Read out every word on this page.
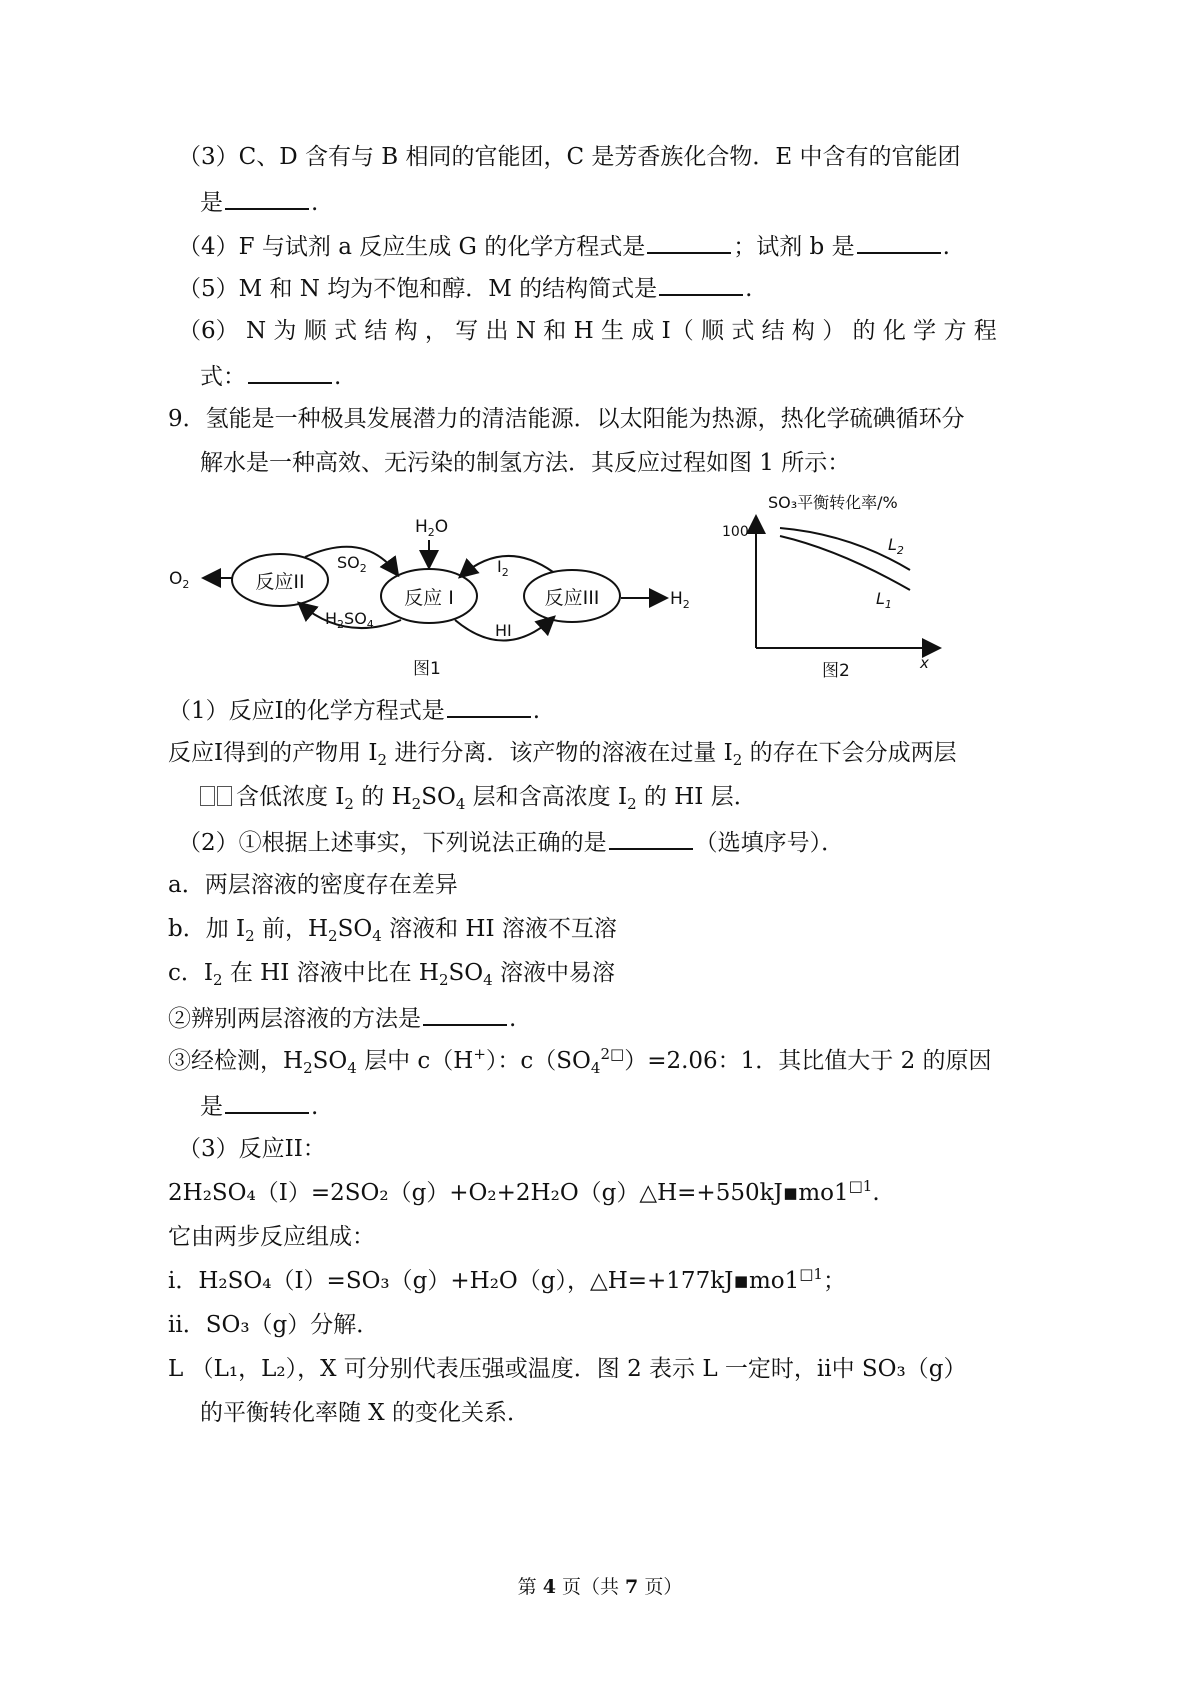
（3）C、D 含有与 B 相同的官能团，C 是芳香族化合物．E 中含有的官能团
是	.
（4）F 与试剂 a 反应生成 G 的化学方程式是	；试剂 b 是	.
（5）M 和 N 均为不饱和醇．M 的结构简式是	.
（6） N 为 顺 式 结 构 ， 写 出 N 和 H 生 成 I（ 顺 式 结 构 ） 的 化 学 方 程
式：	.
9．氢能是一种极具发展潜力的清洁能源．以太阳能为热源，热化学硫碘循环分
解水是一种高效、无污染的制氢方法．其反应过程如图 1 所示：
反应II
反应 I	反应III
$O_2$
$H_2O$
$SO_2$
$H_2SO_4$
$I_2$
HI
$H_2$
图1
SO₃平衡转化率/%
100
$L_2$
$L_1$
x
图2
（1）反应I的化学方程式是	.
反应I得到的产物用 $I_2$ 进行分离．该产物的溶液在过量 $I_2$ 的存在下会分成两层
含低浓度 $I_2$ 的 $H_2SO_4$ 层和含高浓度 $I_2$ 的 HI 层．
（2）①根据上述事实，下列说法正确的是	（选填序号）．
a．两层溶液的密度存在差异
b．加 $I_2$ 前，$H_2SO_4$ 溶液和 HI 溶液不互溶
c．$I_2$ 在 HI 溶液中比在 $H_2SO_4$ 溶液中易溶
②辨别两层溶液的方法是	.
③经检测，$H_2SO_4$ 层中 c（H+）：$c(SO_4^{2□})=2.06$：1．其比值大于 2 的原因
是	.
（3）反应II：
$2H_2SO_4(I)=2SO_2(g)+O_2+2H_2O(g)\triangle H=+550kJ▪mo1^{□1}$.
它由两步反应组成：
i．H₂SO₄（I）=SO₃（g）+H₂O（g），$\triangle H=+177kJ▪mo1^{□1}$；
ii．SO₃（g）分解．
L （L₁，L₂），X 可分别代表压强或温度．图 2 表示 L 一定时，ii中 SO₃（g）
的平衡转化率随 X 的变化关系．
第 4 页（共 7 页）
